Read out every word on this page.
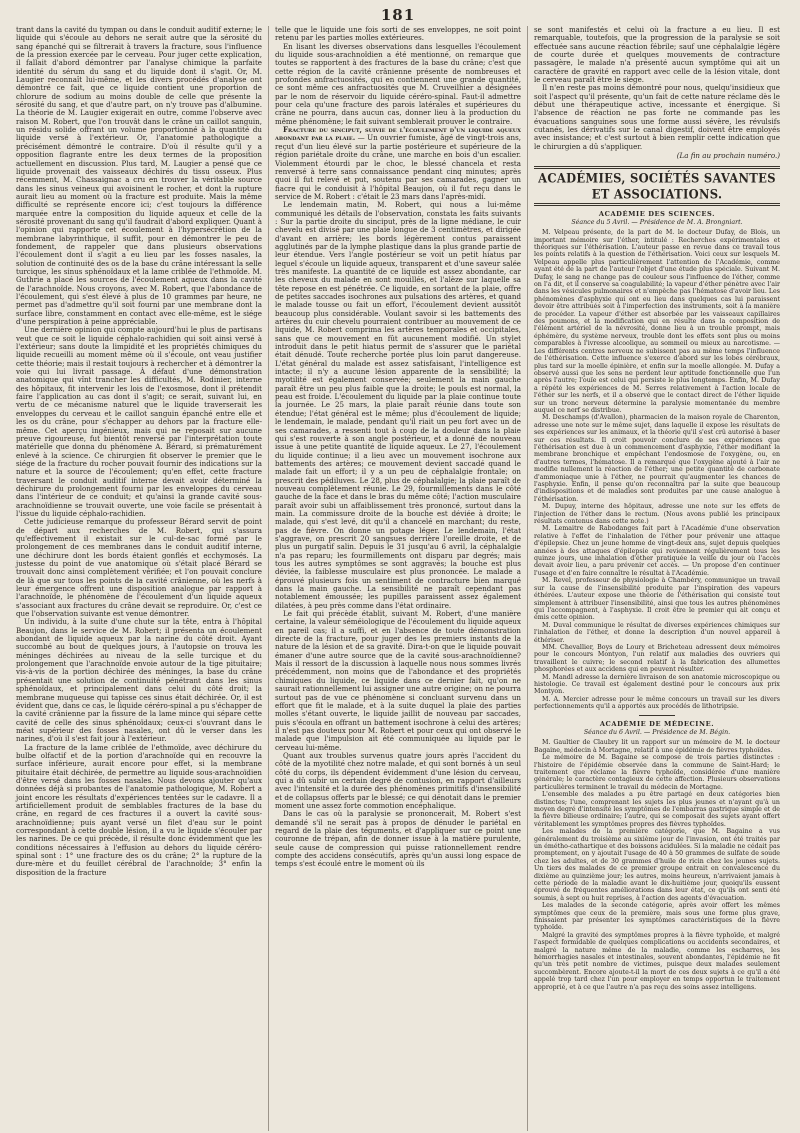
181

trant dans la cavité du tympan ou dans le conduit auditif externe; le liquide qui s'écoule au dehors ne serait autre que la sérosité du sang épanché qui se filtrerait à travers la fracture, sous l'influence de la pression exercée par le cerveau. Pour juger cette explication, il fallait d'abord démontrer par l'analyse chimique la parfaite identité du sérum du sang et du liquide dont il s'agit. Or, M. Laugier reconnaît lui-même, et les divers procédés d'analyse ont démontré ce fait, que ce liquide contient une proportion de chlorure de sodium au moins double de celle que présente la sérosité du sang, et que d'autre part, on n'y trouve pas d'albumine. La théorie de M. Laugier exigerait en outre, comme l'observe avec raison M. Robert, que l'on trouvât dans le crâne un caillot sanguin, un résidu solide offrant un volume proportionné à la quantité du liquide versé à l'extérieur. Or, l'anatomie pathologique a précisément démontré le contraire. D'où il résulte qu'il y a opposition flagrante entre les deux termes de la proposition actuellement en discussion. Plus tard, M. Laugier a pensé que ce liquide provenait des vaisseaux déchirés du tissu osseux. Plus récemment, M. Chassaignac a cru en trouver la véritable source dans les sinus veineux qui avoisinent le rocher, et dont la rupture aurait lieu au moment où la fracture est produite. Mais la même difficulté se représente encore ici; c'est toujours la différence marquée entre la composition du liquide aqueux et celle de la sérosité provenant du sang qu'il faudrait d'abord expliquer. Quant à l'opinion qui rapporte cet écoulement à l'hypersécrétion de la membrane labyrinthique, il suffit, pour en démontrer le peu de fondement, de rappeler que dans plusieurs observations l'écoulement dont il s'agit a eu lieu par les fosses nasales, la solution de continuité des os de la base du crâne intéressant la selle turcique, les sinus sphénoïdaux et la lame criblée de l'ethmoïde. M. Guthrie a placé les sources de l'écoulement aqueux dans la cavité de l'arachnoïde. Nous croyons, avec M. Robert, que l'abondance de l'écoulement, qui s'est élevé à plus de 10 grammes par heure, ne permet pas d'admettre qu'il soit fourni par une membrane dont la surface libre, constamment en contact avec elle-même, est le siége d'une perspiration à peine appréciable.

Une dernière opinion qui compte aujourd'hui le plus de partisans veut que ce soit le liquide céphalo-rachidien qui soit ainsi versé à l'extérieur; sans doute la limpidité et les propriétés chimiques du liquide recueilli au moment même où il s'écoule, ont veau justifier cette théorie; mais il restait toujours à rechercher et à démontrer la voie qui lui livrait passage. À défaut d'une démonstration anatomique qui vînt trancher les difficultés, M. Rodinier, interne des hôpitaux, fit intervenir les lois de l'exosmose, dont il prétendit faire l'application au cas dont il s'agit; ce serait, suivant lui, en vertu de ce mécanisme naturel que le liquide traverserait les enveloppes du cerveau et le caillot sanguin épanché entre elle et les os du crâne, pour s'échapper au dehors par la fracture elle-même. Cet aperçu ingénieux, mais qui ne reposait sur aucune preuve rigoureuse, fut bientôt renversé par l'interprétation toute matérielle que donna du phénomène A. Bérard, si prématurément enlevé à la science. Ce chirurgien fit observer le premier que le siége de la fracture du rocher pouvait fournir des indications sur la nature et la source de l'écoulement; qu'en effet, cette fracture traversant le conduit auditif interne devait avoir déterminé la déchirure du prolongement fourni par les enveloppes du cerveau dans l'intérieur de ce conduit; et qu'ainsi la grande cavité sous-arachnoïdienne se trouvait ouverte, une voie facile se présentait à l'issue du liquide céphalo-rachidien.

Cette judicieuse remarque du professeur Bérard servit de point de départ aux recherches de M. Robert, qui s'assura qu'effectivement il existait sur le cul-de-sac formé par le prolongement de ces membranes dans le conduit auditif interne, une déchirure dont les bords étaient gonflés et ecchymosés. La justesse du point de vue anatomique où s'était placé Bérard se trouvait donc ainsi complètement vérifiée; et l'on pouvait conclure de là que sur tous les points de la cavité crânienne, où les nerfs à leur émergence offrent une disposition analogue par rapport à l'arachnoïde, le phénomène de l'écoulement d'un liquide aqueux s'associant aux fractures du crâne devait se reproduire. Or, c'est ce que l'observation suivante est venue démontrer.

Un individu, à la suite d'une chute sur la tête, entra à l'hôpital Beaujon, dans le service de M. Robert; il présenta un écoulement abondant de liquide aqueux par la narine du côté droit. Ayant succombé au bout de quelques jours, à l'autopsie on trouva les méninges déchirées au niveau de la selle turcique et du prolongement que l'arachnoïde envoie autour de la tige pituitaire; vis-à-vis de la portion déchirée des méninges, la base du crâne présentait une solution de continuité pénétrant dans les sinus sphénoïdaux, et principalement dans celui du côté droit; la membrane muqueuse qui tapisse ces sinus était déchirée. Or, il est évident que, dans ce cas, le liquide céréro-spinal a pu s'échapper de la cavité crânienne par la fissure de la lame mince qui sépare cette cavité de celle des sinus sphénoïdaux; ceux-ci s'ouvrant dans le méat supérieur des fosses nasales, ont dû le verser dans les narines, d'où il s'est fait jour à l'extérieur.

La fracture de la lame criblée de l'ethmoïde, avec déchirure du bulbe olfactif et de la portion d'arachnoïde qui en recouvre la surface inférieure, aurait encore pour effet, si la membrane pituitaire était déchirée, de permettre au liquide sous-arachnoïdien d'être versé dans les fosses nasales. Nous devons ajouter qu'aux données déjà si probantes de l'anatomie pathologique, M. Robert a joint encore les résultats d'expériences tentées sur le cadavre. Il a artificiellement produit de semblables fractures de la base du crâne, en regard de ces fractures il a ouvert la cavité sous-arachnoïdienne; puis ayant versé un filet d'eau sur le point correspondant à cette double lésion, il a vu le liquide s'écouler par les narines. De ce qui précède, il résulte donc évidemment que les conditions nécessaires à l'effusion au dehors du liquide céréro-spinal sont : 1° une fracture des os du crâne; 2° la rupture de la dure-mère et du feuillet cérébral de l'arachnoïde; 3° enfin la disposition de la fracture

telle que le liquide une fois sorti de ses enveloppes, ne soit point retenu par les parties molles extérieures.

En lisant les diverses observations dans lesquelles l'écoulement du liquide sous-arachnoïdien a été mentionné, on remarque que toutes se rapportent à des fractures de la base du crâne; c'est que cette région de la cavité crânienne présente de nombreuses et profondes anfractuosités, qui en contiennent une grande quantité, ce sont même ces anfractuosités que M. Cruveilhier a désignées par le nom de réservoir du liquide céréro-spinal. Faut-il admettre pour cela qu'une fracture des parois latérales et supérieures du crâne ne pourra, dans aucun cas, donner lieu à la production du même phénomène; le fait suivant semblerait prouver le contraire.

Fracture du sinciput, suivie de l'écoulement d'un liquide aqueux abondant par la plaie. — Un ouvrier fumiste, âgé de vingt-trois ans, reçut d'un lieu élevé sur la partie postérieure et supérieure de la région pariétale droite du crâne, une marche en bois d'un escalier. Violemment étourdi par le choc, le blessé chancela et resta renversé à terre sans connaissance pendant cinq minutes; après quoi il fut relevé et put, soutenu par ses camarades, gagner un fiacre qui le conduisit à l'hôpital Beaujon, où il fut reçu dans le service de M. Robert : c'était le 23 mars dans l'après-midi.

Le lendemain matin, M. Robert, qui nous a lui-même communiqué les détails de l'observation, constata les faits suivants : Sur la partie droite du sinciput, près de la ligne médiane, le cuir chevelu est divisé par une plaie longue de 3 centimètres, et dirigée d'avant en arrière; les bords légèrement contus paraissent agglutinés par de la lymphe plastique dans la plus grande partie de leur étendue. Vers l'angle postérieur se voit un petit hiatus par lequel s'écoule un liquide aqueux, transparent et d'une saveur salée très manifeste. La quantité de ce liquide est assez abondante, car les cheveux du malade en sont mouillés, et l'alèze sur laquelle sa tête repose en est pénétrée. Ce liquide, en sortant de la plaie, offre de petites saccades isochrones aux pulsations des artères, et quand le malade tousse ou fait un effort, l'écoulement devient aussitôt beaucoup plus considérable. Voulant savoir si les battements des artères du cuir chevelu pourraient contribuer au mouvement de ce liquide, M. Robert comprima les artères temporales et occipitales, sans que ce mouvement en fût aucunement modifié. Un stylet introduit dans le petit hiatus permit de s'assurer que le pariétal était dénudé. Toute recherche portée plus loin parut dangereuse. L'état général du malade est assez satisfaisant, l'intelligence est intacte; il n'y a aucune lésion apparente de la sensibilité; la myotilité est également conservée; seulement la main gauche paraît être un peu plus faible que la droite; le pouls est normal, la peau est froide. L'écoulement du liquide par la plaie continue toute la journée. Le 25 mars, la plaie paraît réunie dans toute son étendue; l'état général est le même; plus d'écoulement de liquide; le lendemain, le malade, pendant qu'il riait un peu fort avec un de ses camarades, a ressenti tout à coup de la douleur dans la plaie qui s'est rouverte à son angle postérieur, et a donné de nouveau issue à une petite quantité de liquide aqueux. Le 27, l'écoulement du liquide continue; il a lieu avec un mouvement isochrone aux battements des artères; ce mouvement devient saccadé quand le malade fait un effort; il y a un peu de céphalalgie frontale; on prescrit des pédiluves. Le 28, plus de céphalalgie; la plaie paraît de nouveau complètement réunie. Le 29, fourmillements dans le côté gauche de la face et dans le bras du même côté; l'action musculaire paraît avoir subi un affaiblissement très prononcé, surtout dans la main. La commissure droite de la bouche est déviée à droite; le malade, qui s'est levé, dit qu'il a chancelé en marchant; du reste, pas de fièvre. On donne un potage léger. Le lendemain, l'état s'aggrave, on prescrit 20 sangsues derrière l'oreille droite, et de plus un purgatif salin. Depuis le 31 jusqu'au 6 avril, la céphalalgie n'a pas reparu; les fourmillements ont disparu par degrés; mais tous les autres symptômes se sont aggravés; la bouche est plus déviée, la faiblesse musculaire est plus prononcée. Le malade a éprouvé plusieurs fois un sentiment de contracture bien marqué dans la main gauche. La sensibilité ne paraît cependant pas notablement émoussée; les pupilles paraissent assez également dilatées, à peu près comme dans l'état ordinaire.

Le fait qui précède établit, suivant M. Robert, d'une manière certaine, la valeur séméiologique de l'écoulement du liquide aqueux en pareil cas; il a suffi, et en l'absence de toute démonstration directe de la fracture, pour juger des les premiers instants de la nature de la lésion et de sa gravité. Dira-t-on que le liquide pouvait émaner d'une autre source que de la cavité sous-arachnoïdienne? Mais il ressort de la discussion à laquelle nous nous sommes livrés précédemment, non moins que de l'abondance et des propriétés chimiques du liquide, ce liquide dans ce dernier fait, qu'on ne saurait rationnellement lui assigner une autre origine; on ne pourra surtout pas de vue ce phénomène si concluant survenu dans un effort que fit le malade, et à la suite duquel la plaie des parties molles s'étant ouverte, le liquide jaillit de nouveau par saccades, puis s'écoula en offrant un battement isochrone à celui des artères; il n'est pas douteux pour M. Robert et pour ceux qui ont observé le malade que l'impulsion ait été communiquée au liquide par le cerveau lui-même.

Quant aux troubles survenus quatre jours après l'accident du côté de la myotilité chez notre malade, et qui sont bornés à un seul côté du corps, ils dépendent évidemment d'une lésion du cerveau, qui a dû subir un certain degré de contusion, en rapport d'ailleurs avec l'intensité et la durée des phénomènes primitifs d'insensibilité et de collapsus offerts par le blessé; ce qui dénotait dans le premier moment une assez forte commotion encéphalique.

Dans le cas où la paralysie se prononcerait, M. Robert s'est demandé s'il ne serait pas à propos de dénuder le pariétal en regard de la plaie des téguments, et d'appliquer sur ce point une couronne de trépan, afin de donner issue à la matière purulente, seule cause de compression qui puisse rationnellement rendre compte des accidens consécutifs, après qu'un aussi long espace de temps s'est écoulé entre le moment où ils

se sont manifestés et celui où la fracture a eu lieu. Il est remarquable, toutefois, que la progression de la paralysie se soit effectuée sans aucune réaction fébrile; sauf une céphalalgie légère de courte durée et quelques mouvements de contracture passagère, le malade n'a présenté aucun symptôme qui ait un caractère de gravité en rapport avec celle de la lésion vitale, dont le cerveau paraît être le siége.

Il n'en reste pas moins démontré pour nous, quelqu'insidieux que soit l'aspect qu'il présente, qu'un fait de cette nature réclame dès le début une thérapeutique active, incessante et énergique. Si l'absence de réaction ne pas forte ne commande pas les évacuations sanguines sous une forme aussi sévère, les révulsifs cutanés, les dérivatifs sur le canal digestif, doivent être employés avec insistance; et c'est surtout à bien remplir cette indication que le chirurgien a dû s'appliquer.

(La fin au prochain numéro.)
ACADÉMIES, SOCIÉTÉS SAVANTES ET ASSOCIATIONS.
ACADÉMIE DES SCIENCES.
Séance du 5 Avril. — Présidence de M. A. Brongniart.

M. Velpeau présente, de la part de M. le docteur Dufay, de Blois, un important mémoire sur l'éther, intitulé : Recherches expérimentales et théoriques sur l'éthérisation. L'auteur passe en revue dans ce travail tous les points relatifs à la question de l'éthérisation. Voici ceux sur lesquels M. Velpeau appelle plus particulièrement l'attention de l'Académie, comme ayant été de la part de l'auteur l'objet d'une étude plus spéciale. Suivant M. Dufay, le sang ne change pas de couleur sous l'influence de l'éther, comme on l'a dit, et il conserve sa coagulabilité; la vapeur d'éther pénètre avec l'air dans les vésicules pulmonaires et n'empêche pas l'hématose d'avoir lieu. Les phénomènes d'asphyxie qui ont eu lieu dans quelques cas lui paraissent devoir être attribués soit à l'imperfection des instruments, soit à la manière de procéder. La vapeur d'éther est absorbée par les vaisseaux capillaires des poumons, et la modification qui en résulte dans la composition de l'élément artériel de la névrosité, donne lieu à un trouble prompt, mais éphémère, du système nerveux, trouble dont les effets sont plus ou moins comparables à l'ivresse alcoolique, au sommeil ou mieux au narcotisme. — Les différents centres nerveux ne subissent pas au même temps l'influence de l'éthérisation. Cette influence s'exerce d'abord sur les lobes cérébraux, plus tard sur la moelle épinière, et enfin sur la moelle allongée. M. Dufay a observé aussi que les sens ne perdent leur aptitude fonctionnelle que l'un après l'autre; l'ouïe est celui qui persiste le plus longtemps. Enfin, M. Dufay a répété les expériences de M. Serres relativement à l'action locale de l'éther sur les nerfs, et il a observé que le contact direct de l'éther liquide sur un tronc nerveux détermine la paralysie momentanée du membre auquel ce nerf se distribue.

M. Deschamps (d'Avallon), pharmacien de la maison royale de Charenton, adresse une note sur le même sujet, dans laquelle il expose les résultats de ses expériences sur les animaux, et la théorie qu'il s'est crû autorisé à baser sur ces résultats. Il croit pouvoir conclure de ses expériences que l'éthérisation est due à un commencement d'asphyxie, l'éther modifiant la membrane bronchique et empêchant l'endosmose de l'oxygène, ou, en d'autres termes, l'hématose. Il a remarqué que l'oxygène ajouté à l'air ne modifie nullement la réaction de l'éther; une petite quantité de carbonate d'ammoniaque unie à l'éther, ne pourrait qu'augmenter les chances de l'asphyxie. Enfin, il pense qu'on reconnaîtra par la suite que beaucoup d'indispositions et de maladies sont produites par une cause analogue à l'éthérisation.

M. Dupuy, interne des hôpitaux, adresse une note sur les effets de l'injection de l'éther dans le rectum. (Nous avons publié les principaux résultats contenus dans cette note.)

M. Lemaitre de Rabodanges fait part à l'Académie d'une observation relative à l'effet de l'inhalation de l'éther pour prévenir une attaque d'épilepsie. Chez un jeune homme de vingt-deux ans, sujet depuis quelques années à des attaques d'épilepsie qui reviennent régulièrement tous les quinze jours, une inhalation d'éther pratiquée la veille du jour où l'accès devait avoir lieu, a paru prévenir cet accès. — Un propose d'en continuer l'usage et d'en faire connaître le résultat à l'Académie.

M. Revel, professeur de physiologie à Chambéry, communique un travail sur la cause de l'insensibilité produite par l'inspiration des vapeurs éthérées. L'auteur expose une théorie de l'éthérisation qui consiste tout simplement à attribuer l'insensibilité, ainsi que tous les autres phénomènes qui l'accompagnent, à l'asphyxie. Il croit être le premier qui ait conçu et émis cette opinion.

M. Duval communique le résultat de diverses expériences chimiques sur l'inhalation de l'éther, et donne la description d'un nouvel appareil à éthériser.

MM. Chevallier, Boys de Loury et Bricheteau adressent deux mémoires pour le concours Montyon, l'un relatif aux maladies des ouvriers qui travaillent le cuivre; le second relatif à la fabrication des allumettes phosphorées et aux accidens qui en peuvent résulter.

M. Mandl adresse la dernière livraison de son anatomie microscopique ou histologie. Ce travail est également destiné pour le concours aux prix Montyon.

M. A. Mercier adresse pour le même concours un travail sur les divers perfectionnements qu'il a apportés aux procédés de lithotripsie.

ACADÉMIE DE MÉDECINE.
Séance du 6 Avril. — Présidence de M. Bégin.

M. Gaultier de Claubry lit un rapport sur un mémoire de M. le docteur Bagaine, médecin à Mortagne, relatif à une épidémie de fièvres typhoïdes.

Le mémoire de M. Bagaine se compose de trois parties distinctes : l'histoire de l'épidémie observée dans la commune de Saint-Hard; le traitement que réclame la fièvre typhoïde, considérée d'une manière générale; le caractère contagieux de cette affection. Plusieurs observations particulières terminent le travail du médecin de Mortagne.

L'ensemble des malades a pu être partagé en deux catégories bien distinctes; l'une, comprenant les sujets les plus jeunes et n'ayant qu'à un moyen degré d'intensité les symptômes de l'embarras gastrique simple et de la fièvre bilieuse ordinaire; l'autre, qui se composait des sujets ayant offert véritablement les symptômes propres des fièvres typhoïdes.

Les malades de la première catégorie, que M. Bagaine a vus généralement du troisième au sixième jour de l'invasion, ont été traités par un émétho-cathartique et des boissons acidulées. Si la maladie ne cédait pas promptement, on y ajoutait l'usage de 40 à 50 grammes de sulfate de soude chez les adultes, et de 30 grammes d'huile de ricin chez les jeunes sujets. Un tiers des malades de ce premier groupe entrait en convalescence du dixième au quinzième jour; les autres, moins heureux, n'arrivaient jamais à cette période de la maladie avant le dix-huitième jour, quoiqu'ils eussent éprouvé de fréquentes améliorations dans leur état, ce qu'ils ont senti été soumis, à sept ou huit reprises, à l'action des agents d'évacuation.

Les malades de la seconde catégorie, après avoir offert les mêmes symptômes que ceux de la première, mais sous une forme plus grave, finissaient par présenter les symptômes caractéristiques de la fièvre typhoïde.

Malgré la gravité des symptômes propres à la fièvre typhoïde, et malgré l'aspect formidable de quelques complications ou accidents secondaires, et malgré la nature même de la maladie, comme les escharres, les hémorrhagies nasales et intestinales, souvent abondantes, l'épidémie ne fit qu'un très petit nombre de victimes, puisque deux malades seulement succombèrent. Encore ajoute-t-il la mort de ces deux sujets à ce qu'il a été appelé trop tard chez l'un pour employer en temps opportun le traitement approprié, et à ce que l'autre n'a pas reçu des soins assez intelligens.
